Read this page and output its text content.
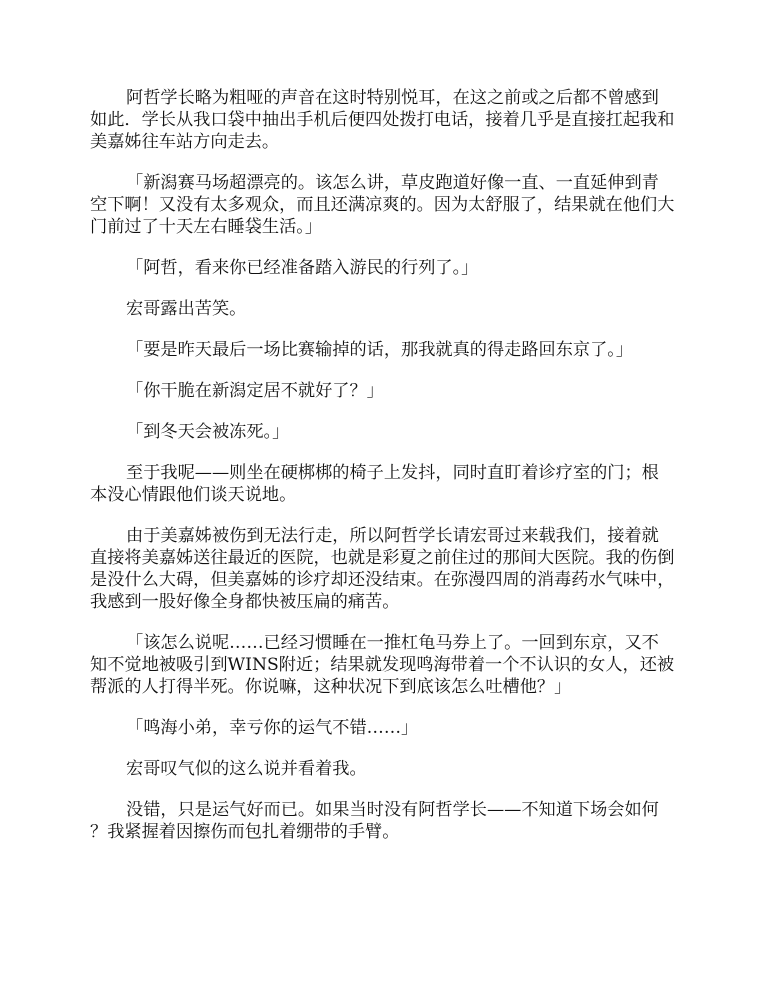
阿哲学长略为粗哑的声音在这时特别悦耳，在这之前或之后都不曾感到如此．学长从我口袋中抽出手机后便四处拨打电话，接着几乎是直接扛起我和美嘉姊往车站方向走去。

「新潟赛马场超漂亮的。该怎么讲，草皮跑道好像一直、一直延伸到青空下啊！又没有太多观众，而且还满凉爽的。因为太舒服了，结果就在他们大门前过了十天左右睡袋生活。」

「阿哲，看来你已经准备踏入游民的行列了。」

宏哥露出苦笑。

「要是昨天最后一场比赛输掉的话，那我就真的得走路回东京了。」

「你干脆在新潟定居不就好了？」

「到冬天会被冻死。」

至于我呢——则坐在硬梆梆的椅子上发抖，同时直盯着诊疗室的门；根本没心情跟他们谈天说地。

由于美嘉姊被伤到无法行走，所以阿哲学长请宏哥过来载我们，接着就直接将美嘉姊送往最近的医院，也就是彩夏之前住过的那间大医院。我的伤倒是没什么大碍，但美嘉姊的诊疗却还没结束。在弥漫四周的消毒药水气味中，我感到一股好像全身都快被压扁的痛苦。

「该怎么说呢……已经习惯睡在一推杠龟马券上了。一回到东京，又不知不觉地被吸引到WINS附近；结果就发现鸣海带着一个不认识的女人，还被帮派的人打得半死。你说嘛，这种状况下到底该怎么吐槽他？」

「鸣海小弟，幸亏你的运气不错……」

宏哥叹气似的这么说并看着我。

没错，只是运气好而已。如果当时没有阿哲学长——不知道下场会如何？我紧握着因擦伤而包扎着绷带的手臂。
